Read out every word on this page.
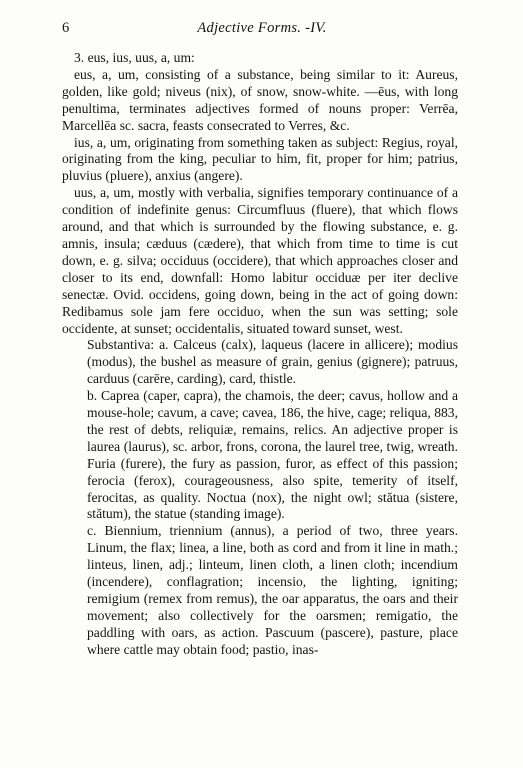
6	Adjective Forms. -IV.

3. eus, ius, uus, a, um:

eus, a, um, consisting of a substance, being similar to it: Aureus, golden, like gold; niveus (nix), of snow, snow-white. —ēus, with long penultima, terminates adjectives formed of nouns proper: Verrēa, Marcellēa sc. sacra, feasts consecrated to Verres, &c.

ius, a, um, originating from something taken as subject: Regius, royal, originating from the king, peculiar to him, fit, proper for him; patrius, pluvius (pluere), anxius (angere).

uus, a, um, mostly with verbalia, signifies temporary continuance of a condition of indefinite genus: Circumfluus (fluere), that which flows around, and that which is surrounded by the flowing substance, e. g. amnis, insula; cæduus (cædere), that which from time to time is cut down, e. g. silva; occiduus (occidere), that which approaches closer and closer to its end, downfall: Homo labitur occiduæ per iter declive senectæ. Ovid. occidens, going down, being in the act of going down: Redibamus sole jam fere occiduo, when the sun was setting; sole occidente, at sunset; occidentalis, situated toward sunset, west.

Substantiva: a. Calceus (calx), laqueus (lacere in allicere); modius (modus), the bushel as measure of grain, genius (gignere); patruus, carduus (carēre, carding), card, thistle.

b. Caprea (caper, capra), the chamois, the deer; cavus, hollow and a mouse-hole; cavum, a cave; cavea, 186, the hive, cage; reliqua, 883, the rest of debts, reliquiæ, remains, relics. An adjective proper is laurea (laurus), sc. arbor, frons, corona, the laurel tree, twig, wreath. Furia (furere), the fury as passion, furor, as effect of this passion; ferocia (ferox), courageousness, also spite, temerity of itself, ferocitas, as quality. Noctua (nox), the night owl; stătua (sistere, stătum), the statue (standing image).

c. Biennium, triennium (annus), a period of two, three years. Linum, the flax; linea, a line, both as cord and from it line in math.; linteus, linen, adj.; linteum, linen cloth, a linen cloth; incendium (incendere), conflagration; incensio, the lighting, igniting; remigium (remex from remus), the oar apparatus, the oars and their movement; also collectively for the oarsmen; remigatio, the paddling with oars, as action. Pascuum (pascere), pasture, place where cattle may obtain food; pastio, inas-
